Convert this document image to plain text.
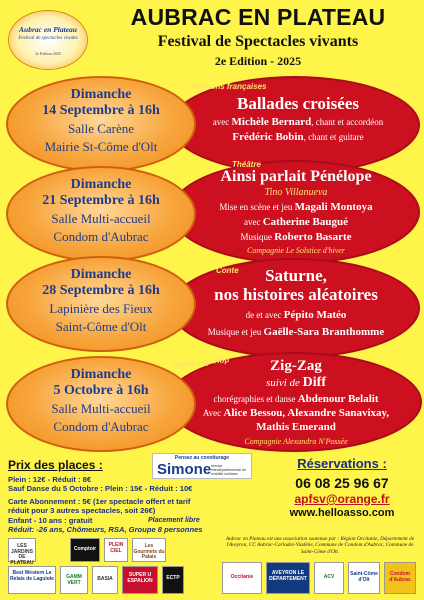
Aubrac en Plateau
Festival de spectacles vivants
2e Edition 2025
AUBRAC EN PLATEAU
Festival de Spectacles vivants
2e Edition - 2025
Chansons françaises
Ballades croisées
avec Michèle Bernard, chant et accordéon
Frédéric Bobin, chant et guitare
Dimanche
14 Septembre à 16h
Salle Carène
Mairie St-Côme d'Olt
Théâtre
Ainsi parlait Pénélope
Tino Villanueva
Mise en scène et jeu Magali Montoya
avec Catherine Baugué
Musique Roberto Basarte
Compagnie Le Solstice d'hiver
Dimanche
21 Septembre à 16h
Salle Multi-accueil
Condom d'Aubrac
Conte	Saturne,
nos histoires aléatoires
de et avec Pépito Matéo
Musique et jeu Gaëlle-Sara Branthomme
Dimanche
28 Septembre à 16h
Lapinière des Fieux
Saint-Côme d'Olt
Danse Hip-Hop	Zig-Zag
suivi de Diff
chorégraphies et danse Abdenour Belalit
Avec Alice Bessou, Alexandre Sanavixay,
Mathis Emerand
Compagnie Alexandra N'Possée
Dimanche
5 Octobre à 16h
Salle Multi-accueil
Condom d'Aubrac
Prix des places :
Plein : 12€ - Réduit : 8€
Sauf Danse du 5 Octobre : Plein : 15€ - Réduit : 10€
Carte Abonnement : 5€ (1er spectacle offert et tarif
réduit pour 3 autres spectacles, soit 26€)
Enfant - 10 ans : gratuit
Réduit: -26 ans, Chômeurs, RSA, Groupe 8 personnes
Placement libre
Pensez au covoiturage
Simone service interdépartemental de mobilité solidaire
Réservations :
06 08 25 96 67
apfsv@orange.fr
www.helloasso.com
Aubrac en Plateau est une association soutenue par : Région Occitanie, Département de l'Aveyron, CC Aubrac-Carladez-Viadène, Commune de Condom d'Aubrac, Commune de Saint-Côme d'Olt.
LES JARDINS DE PLATEAU
Comptoir
PLEIN CIEL
Les Gourmets du Palais
Best Western Le Relais de Laguiole	GAMM VERT
BASIA
SUPER U ESPALION	ECTP	Occitanie
AVEYRON LE DÉPARTEMENT	ACV	Saint-Côme d'Olt
Condom d'Aubrac
